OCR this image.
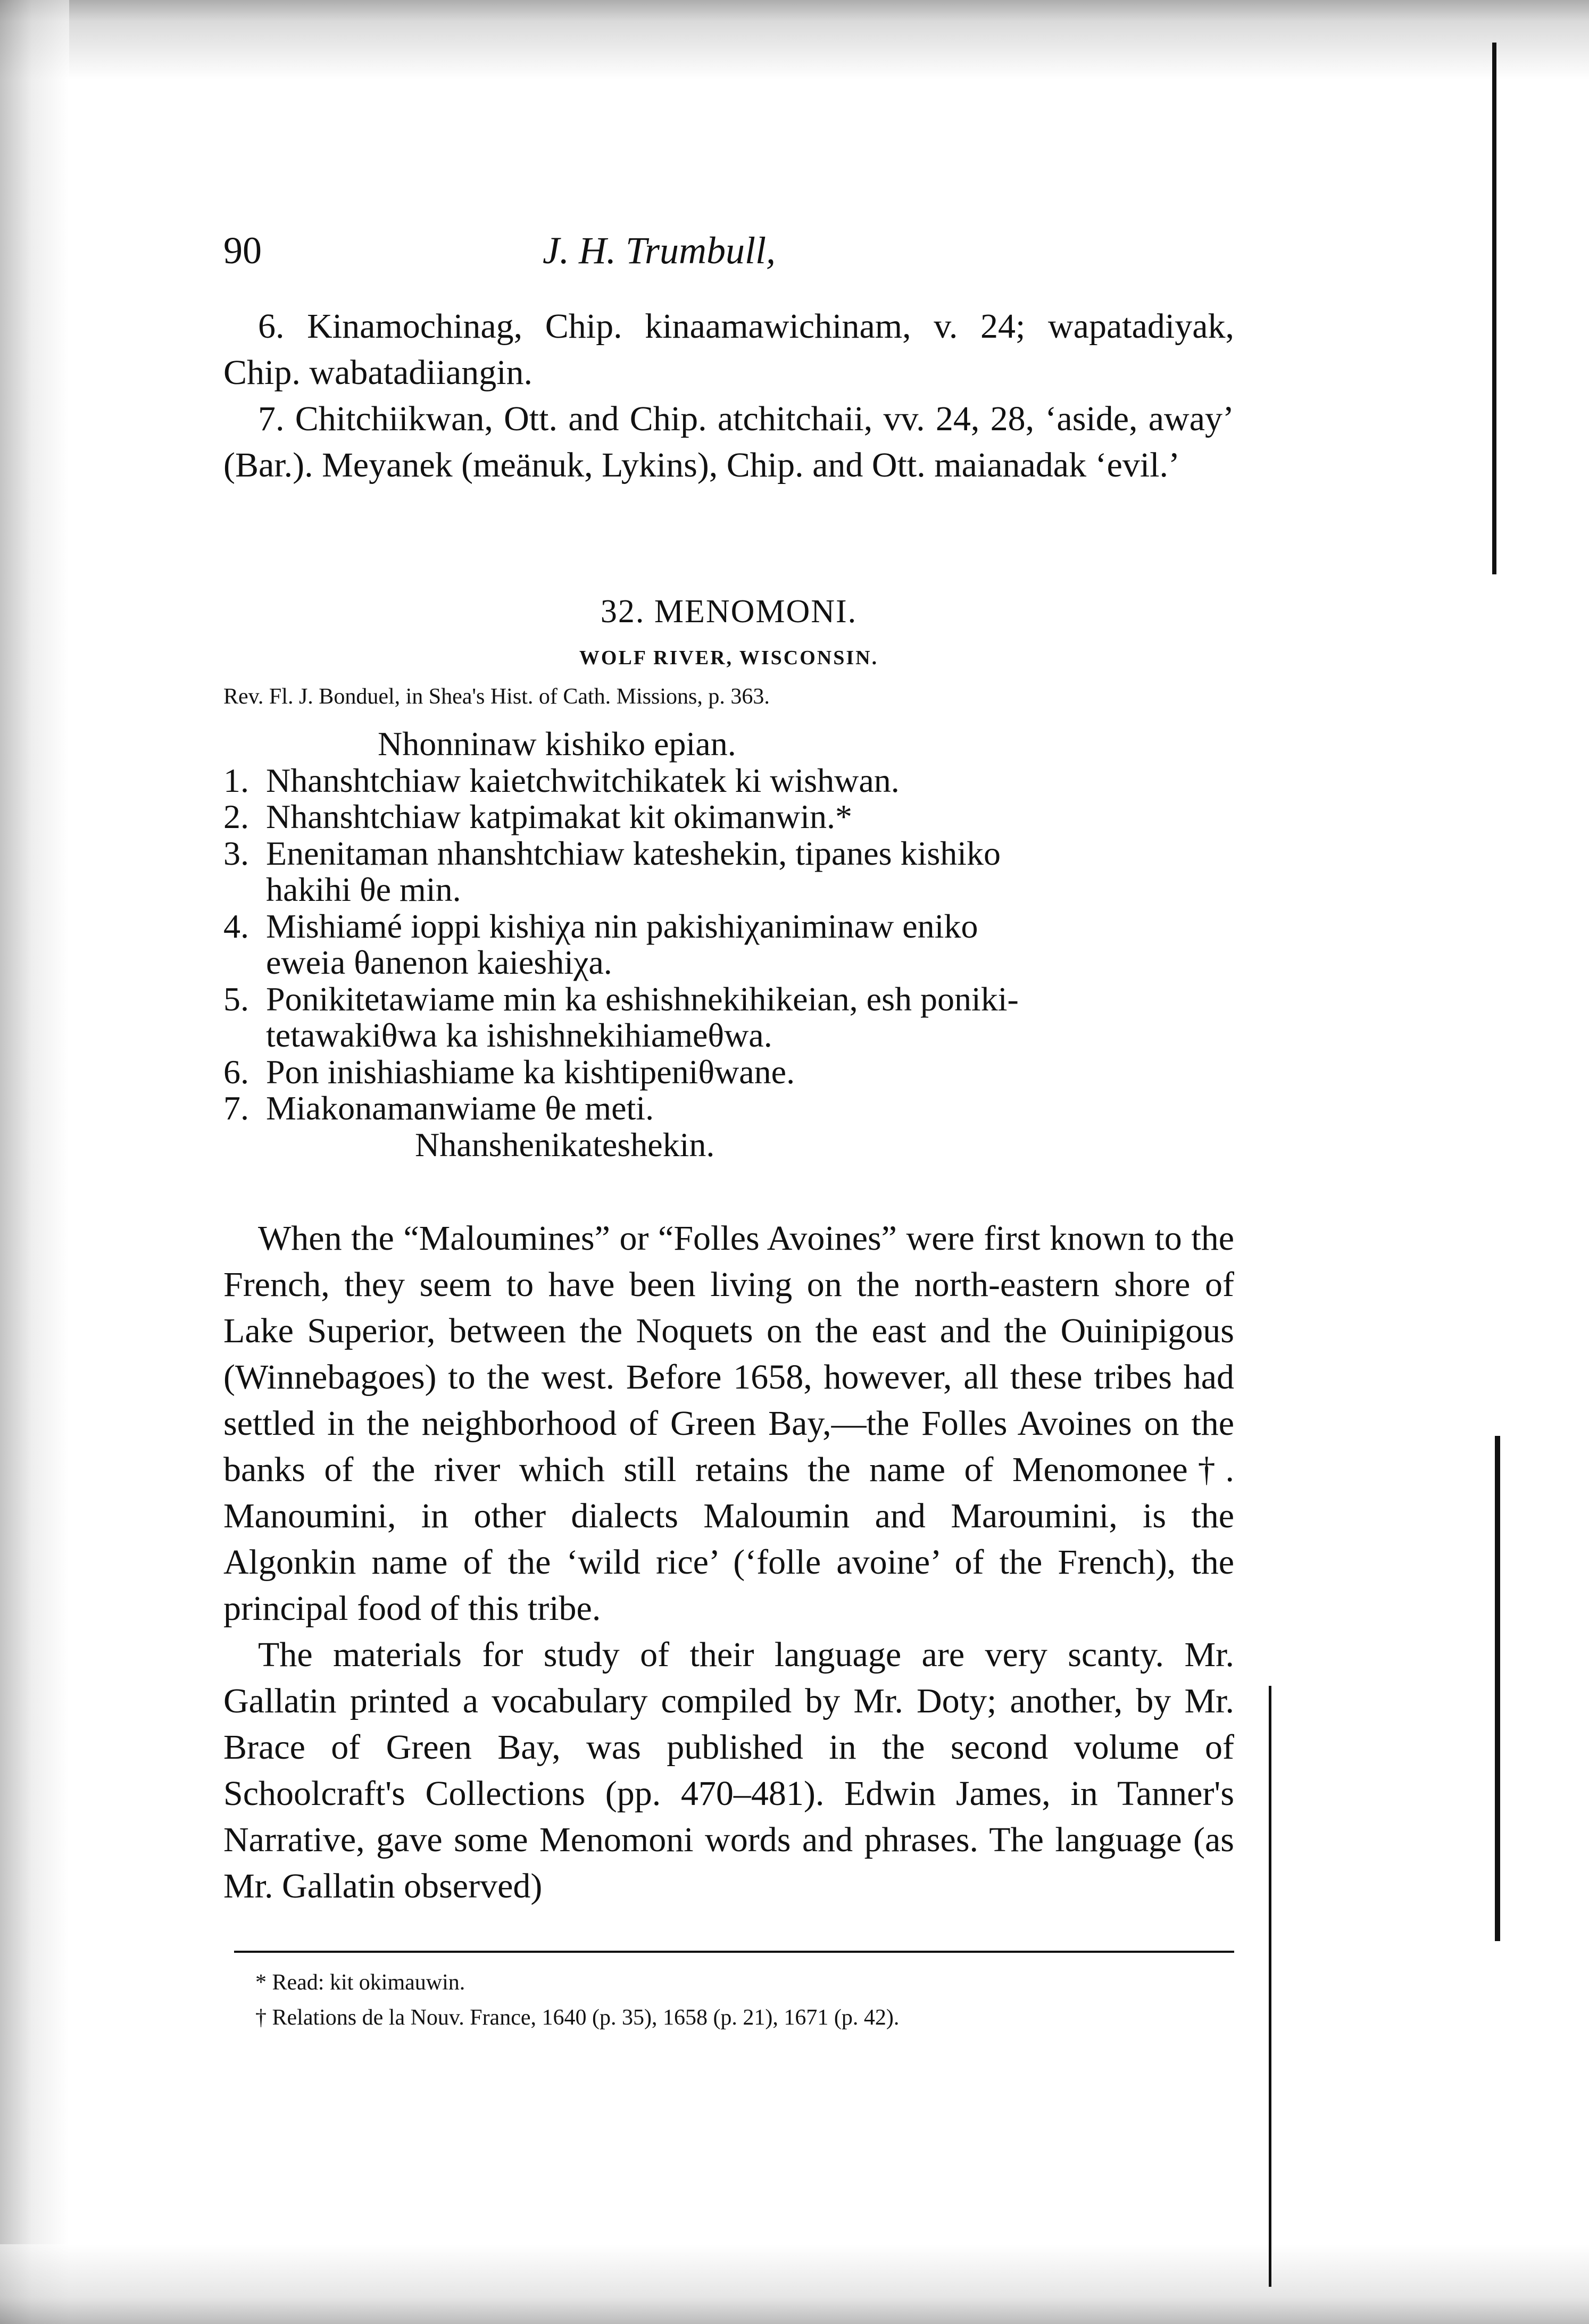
90	J. H. Trumbull,

6. Kinamochinag, Chip. kinaamawichinam, v. 24; wapatadiyak, Chip. wabatadiiangin.

7. Chitchiikwan, Ott. and Chip. atchitchaii, vv. 24, 28, ‘aside, away’ (Bar.). Meyanek (meänuk, Lykins), Chip. and Ott. maianadak ‘evil.’

32. MENOMONI.

WOLF RIVER, WISCONSIN.
Rev. Fl. J. Bonduel, in Shea's Hist. of Cath. Missions, p. 363.
Nhonninaw kishiko epian.
1. Nhanshtchiaw kaietchwitchikatek ki wishwan.
2. Nhanshtchiaw katpimakat kit okimanwin.*
3. Enenitaman nhanshtchiaw kateshekin, tipanes kishiko
hakihi θe min.
4. Mishiamé ioppi kishiχa nin pakishiχaniminaw eniko
eweia θanenon kaieshiχa.
5. Ponikitetawiame min ka eshishnekihikeian, esh poniki-
tetawakiθwa ka ishishnekihiameθwa.
6. Pon inishiashiame ka kishtipeniθwane.
7. Miakonamanwiame θe meti.
Nhanshenikateshekin.

When the “Maloumines” or “Folles Avoines” were first known to the French, they seem to have been living on the north-eastern shore of Lake Superior, between the Noquets on the east and the Ouinipigous (Winnebagoes) to the west. Before 1658, however, all these tribes had settled in the neighborhood of Green Bay,—the Folles Avoines on the banks of the river which still retains the name of Menomonee†. Manoumini, in other dialects Maloumin and Maroumini, is the Algonkin name of the ‘wild rice’ (‘folle avoine’ of the French), the principal food of this tribe.

The materials for study of their language are very scanty. Mr. Gallatin printed a vocabulary compiled by Mr. Doty; another, by Mr. Brace of Green Bay, was published in the second volume of Schoolcraft's Collections (pp. 470–481). Edwin James, in Tanner's Narrative, gave some Menomoni words and phrases. The language (as Mr. Gallatin observed)

* Read: kit okimauwin.
† Relations de la Nouv. France, 1640 (p. 35), 1658 (p. 21), 1671 (p. 42).
